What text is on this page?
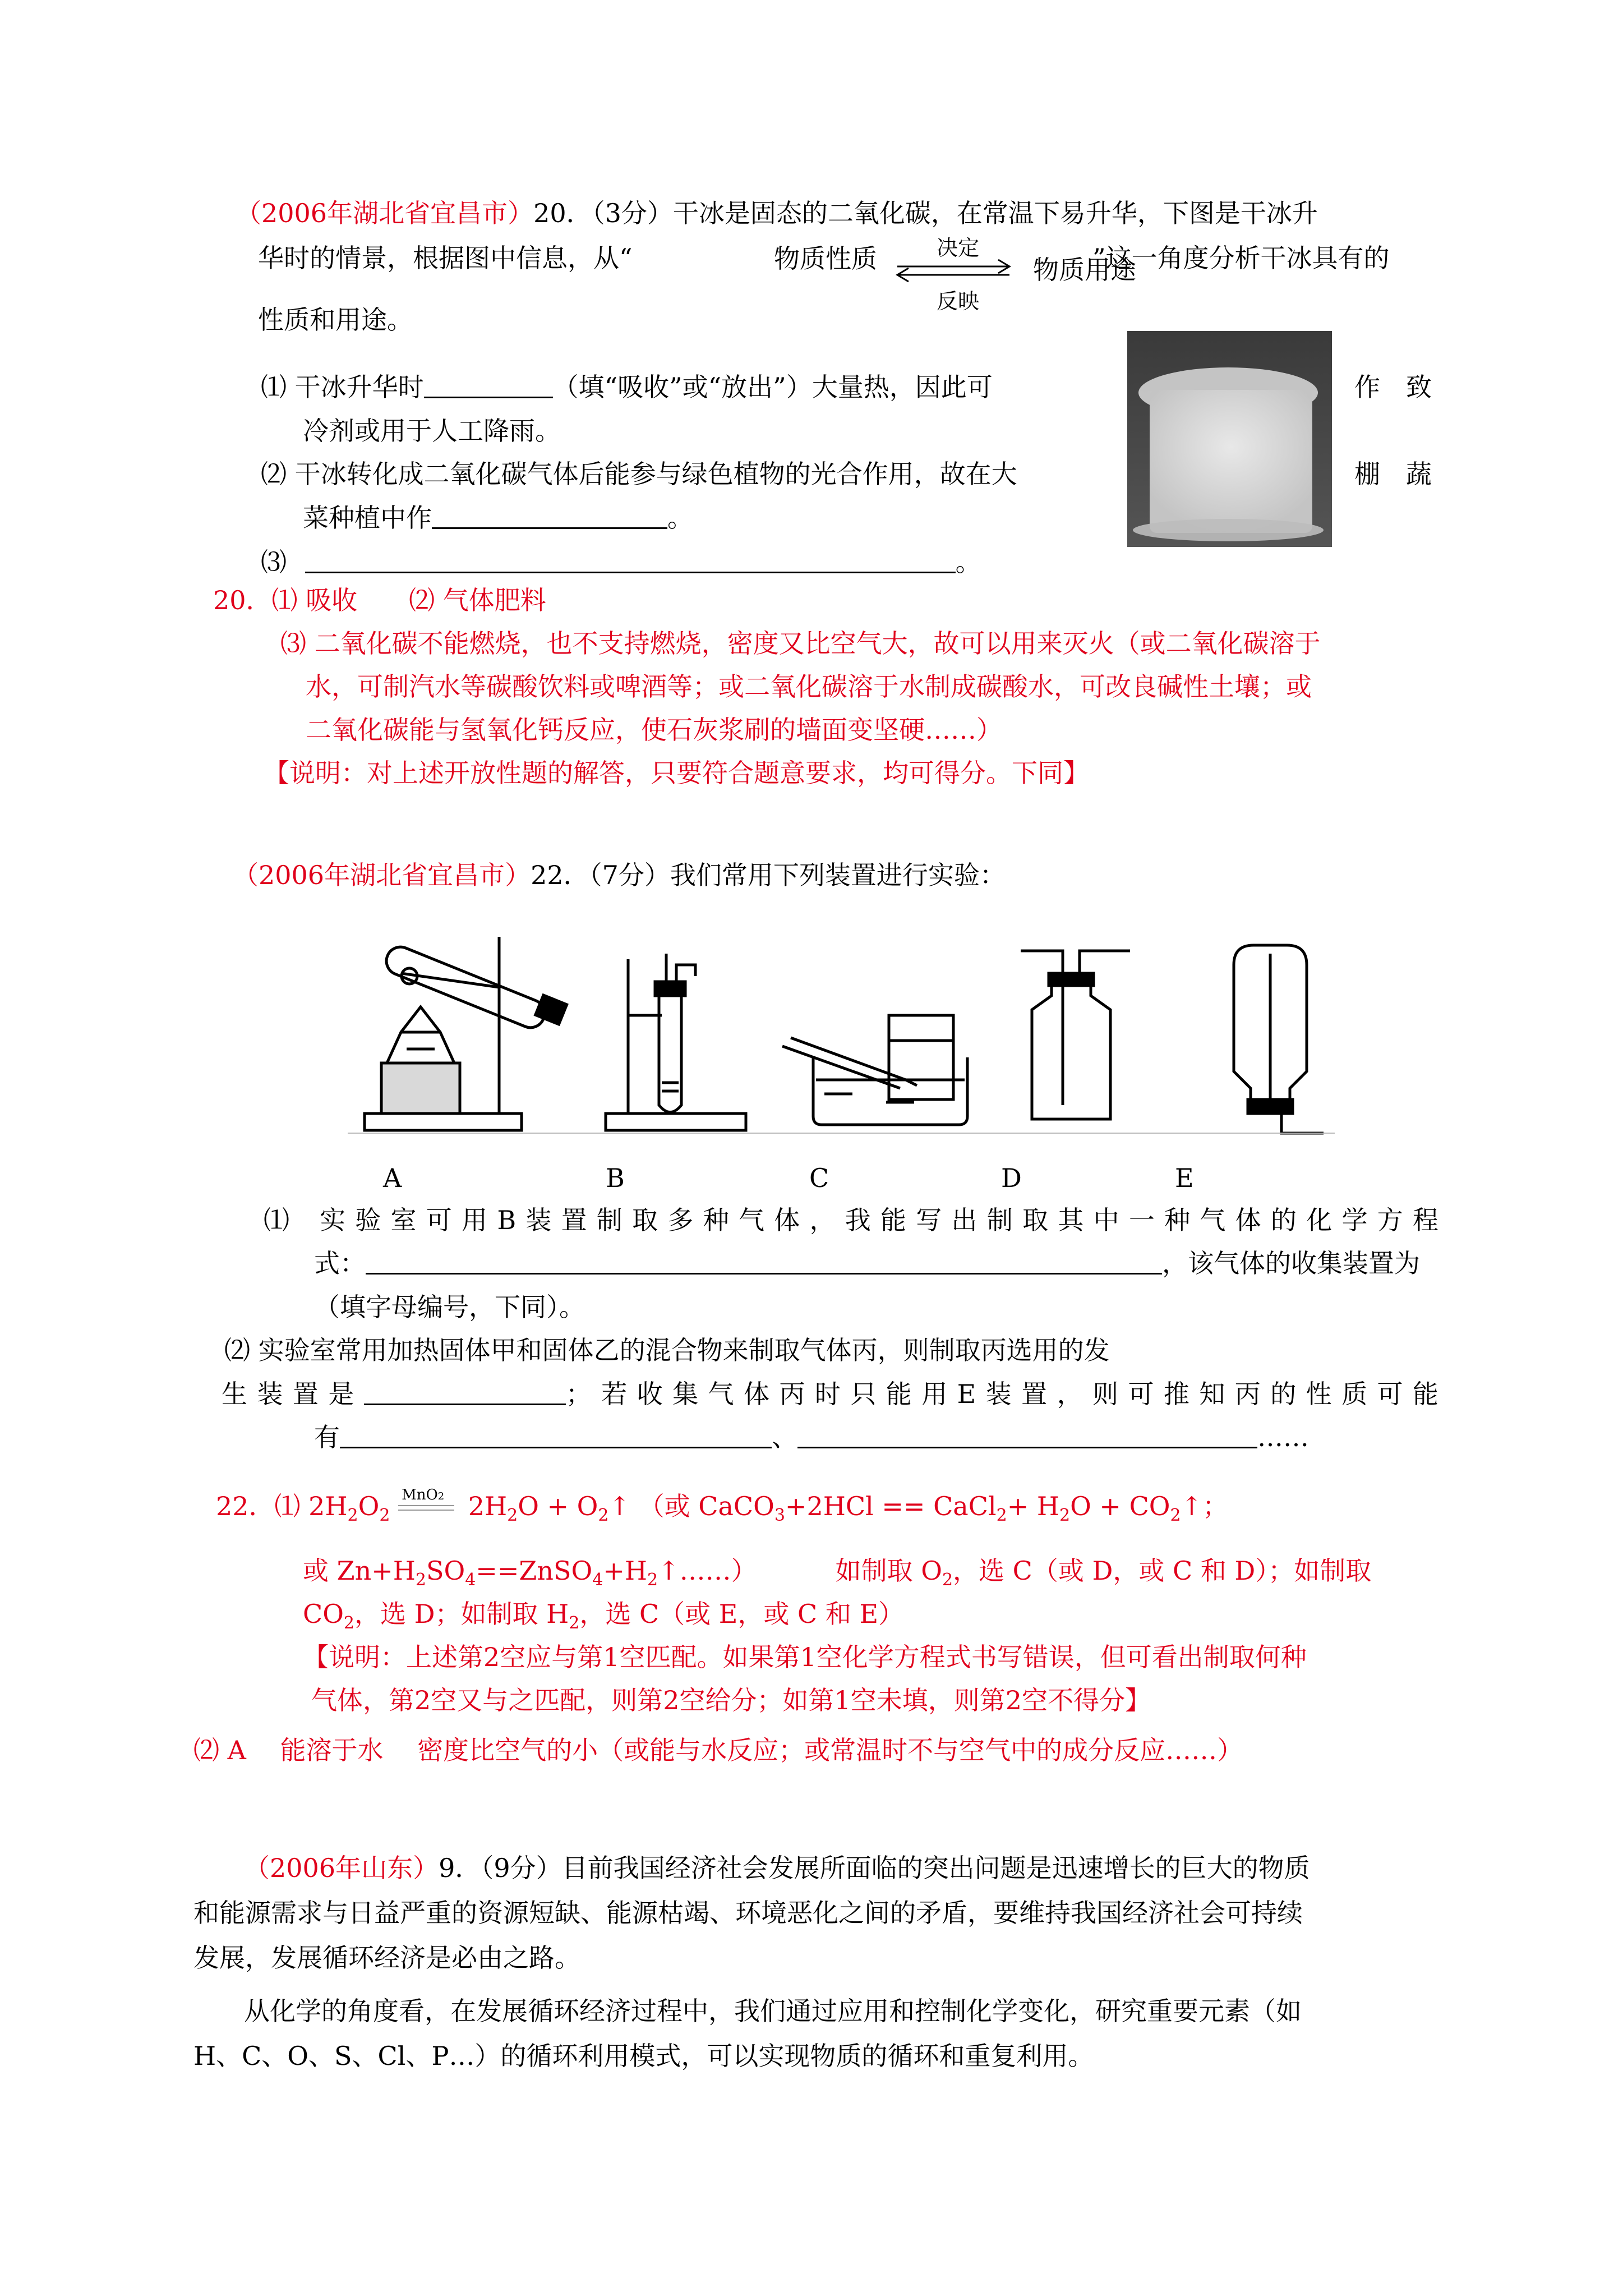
（2006年湖北省宜昌市）20．（3分）干冰是固态的二氧化碳，在常温下易升华，下图是干冰升
华时的情景，根据图中信息，从“	物质性质	决定
反映
物质用途
”这一角度分析干冰具有的
性质和用途。
⑴ 干冰升华时	（填“吸收”或“放出”）大量热，因此可	作　致
冷剂或用于人工降雨。
⑵ 干冰转化成二氧化碳气体后能参与绿色植物的光合作用，故在大	棚　蔬
菜种植中作	。
⑶	。
20．⑴ 吸收　　⑵ 气体肥料
⑶ 二氧化碳不能燃烧，也不支持燃烧，密度又比空气大，故可以用来灭火（或二氧化碳溶于
水，可制汽水等碳酸饮料或啤酒等；或二氧化碳溶于水制成碳酸水，可改良碱性土壤；或
二氧化碳能与氢氧化钙反应，使石灰浆刷的墙面变坚硬……）
【说明：对上述开放性题的解答，只要符合题意要求，均可得分。下同】
（2006年湖北省宜昌市）22．（7分）我们常用下列装置进行实验：
A	B	C	D	E
⑴ 实验室可用B装置制取多种气体，我能写出制取其中一种气体的化学方程
式：	，该气体的收集装置为
（填字母编号，下同）。
⑵ 实验室常用加热固体甲和固体乙的混合物来制取气体丙，则制取丙选用的发
生装置是	；若收集气体丙时只能用E装置，则可推知丙的性质可能
有	、	……
22．⑴ $2H_2O_2$
MnO2 $2H_2O$ + $O_2↑$ （或 CaCO$_3$+2HCl == CaCl$_2$+ $H_2O$ + $CO_2↑$；
或 $Zn+H_2SO_4==ZnSO_4+H_2↑\dots\dots$）	如制取 $O_2$，选 C（或 D，或 C 和 D）；如制取
$CO_2$，选 D；如制取 $H_2$，选 C（或 E，或 C 和 E）
【说明：上述第2空应与第1空匹配。如果第1空化学方程式书写错误，但可看出制取何种
气体，第2空又与之匹配，则第2空给分；如第1空未填，则第2空不得分】
⑵ A　 能溶于水　 密度比空气的小（或能与水反应；或常温时不与空气中的成分反应……）
（2006年山东）9．（9分）目前我国经济社会发展所面临的突出问题是迅速增长的巨大的物质
和能源需求与日益严重的资源短缺、能源枯竭、环境恶化之间的矛盾，要维持我国经济社会可持续
发展，发展循环经济是必由之路。
从化学的角度看，在发展循环经济过程中，我们通过应用和控制化学变化，研究重要元素（如
H、C、O、S、Cl、P…）的循环利用模式，可以实现物质的循环和重复利用。
